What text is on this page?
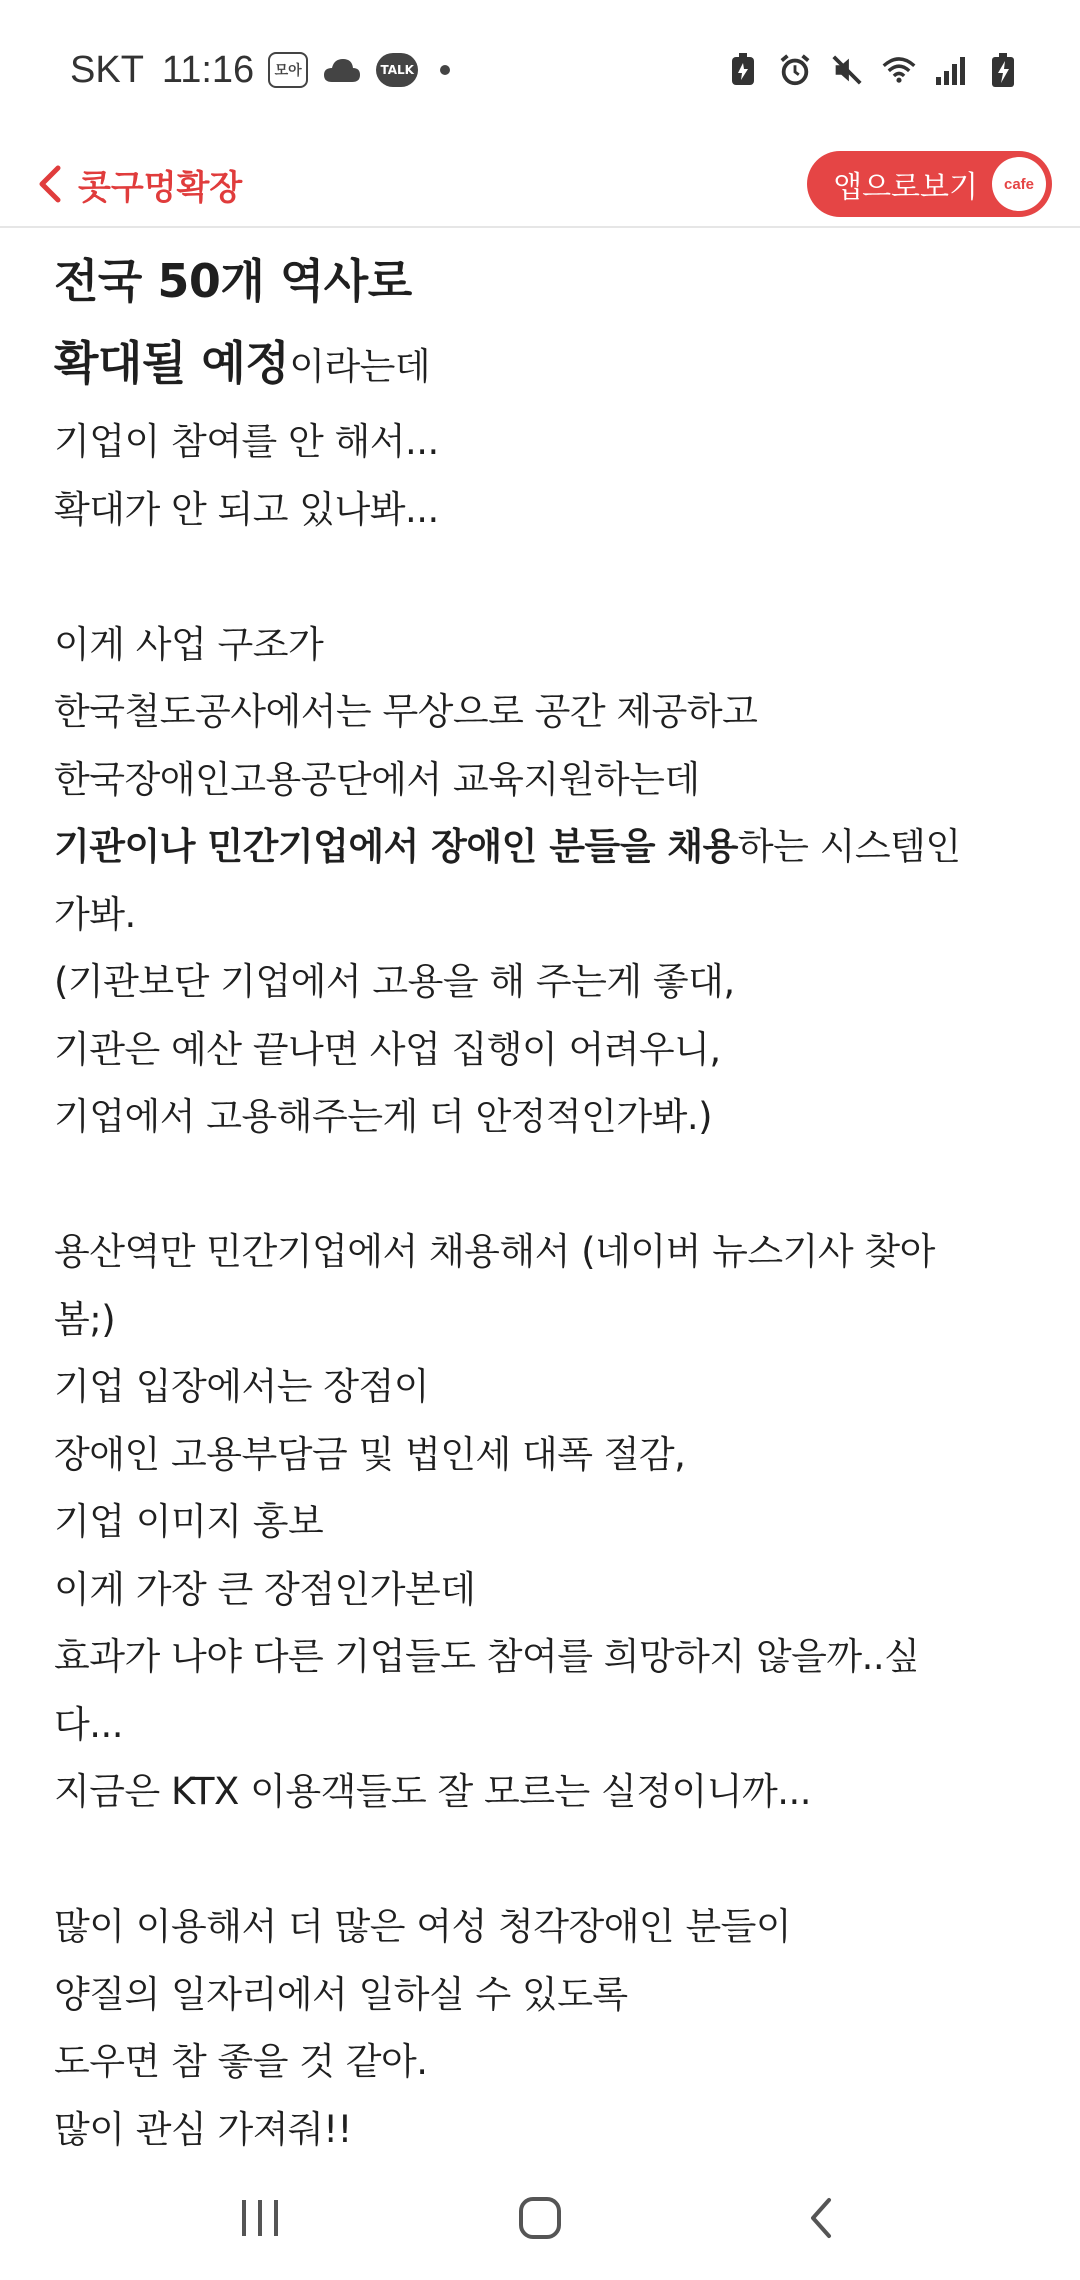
SKT 11:16	모아	TALK
콧구멍확장	앱으로보기	cafe
전국 50개 역사로
확대될 예정이라는데
기업이 참여를 안 해서...
확대가 안 되고 있나봐...
이게 사업 구조가
한국철도공사에서는 무상으로 공간 제공하고
한국장애인고용공단에서 교육지원하는데
기관이나 민간기업에서 장애인 분들을 채용하는 시스템인
가봐.
(기관보단 기업에서 고용을 해 주는게 좋대,
기관은 예산 끝나면 사업 집행이 어려우니,
기업에서 고용해주는게 더 안정적인가봐.)
용산역만 민간기업에서 채용해서 (네이버 뉴스기사 찾아
봄;)
기업 입장에서는 장점이
장애인 고용부담금 및 법인세 대폭 절감,
기업 이미지 홍보
이게 가장 큰 장점인가본데
효과가 나야 다른 기업들도 참여를 희망하지 않을까..싶
다...
지금은 KTX 이용객들도 잘 모르는 실정이니까...
많이 이용해서 더 많은 여성 청각장애인 분들이
양질의 일자리에서 일하실 수 있도록
도우면 참 좋을 것 같아.
많이 관심 가져줘!!
